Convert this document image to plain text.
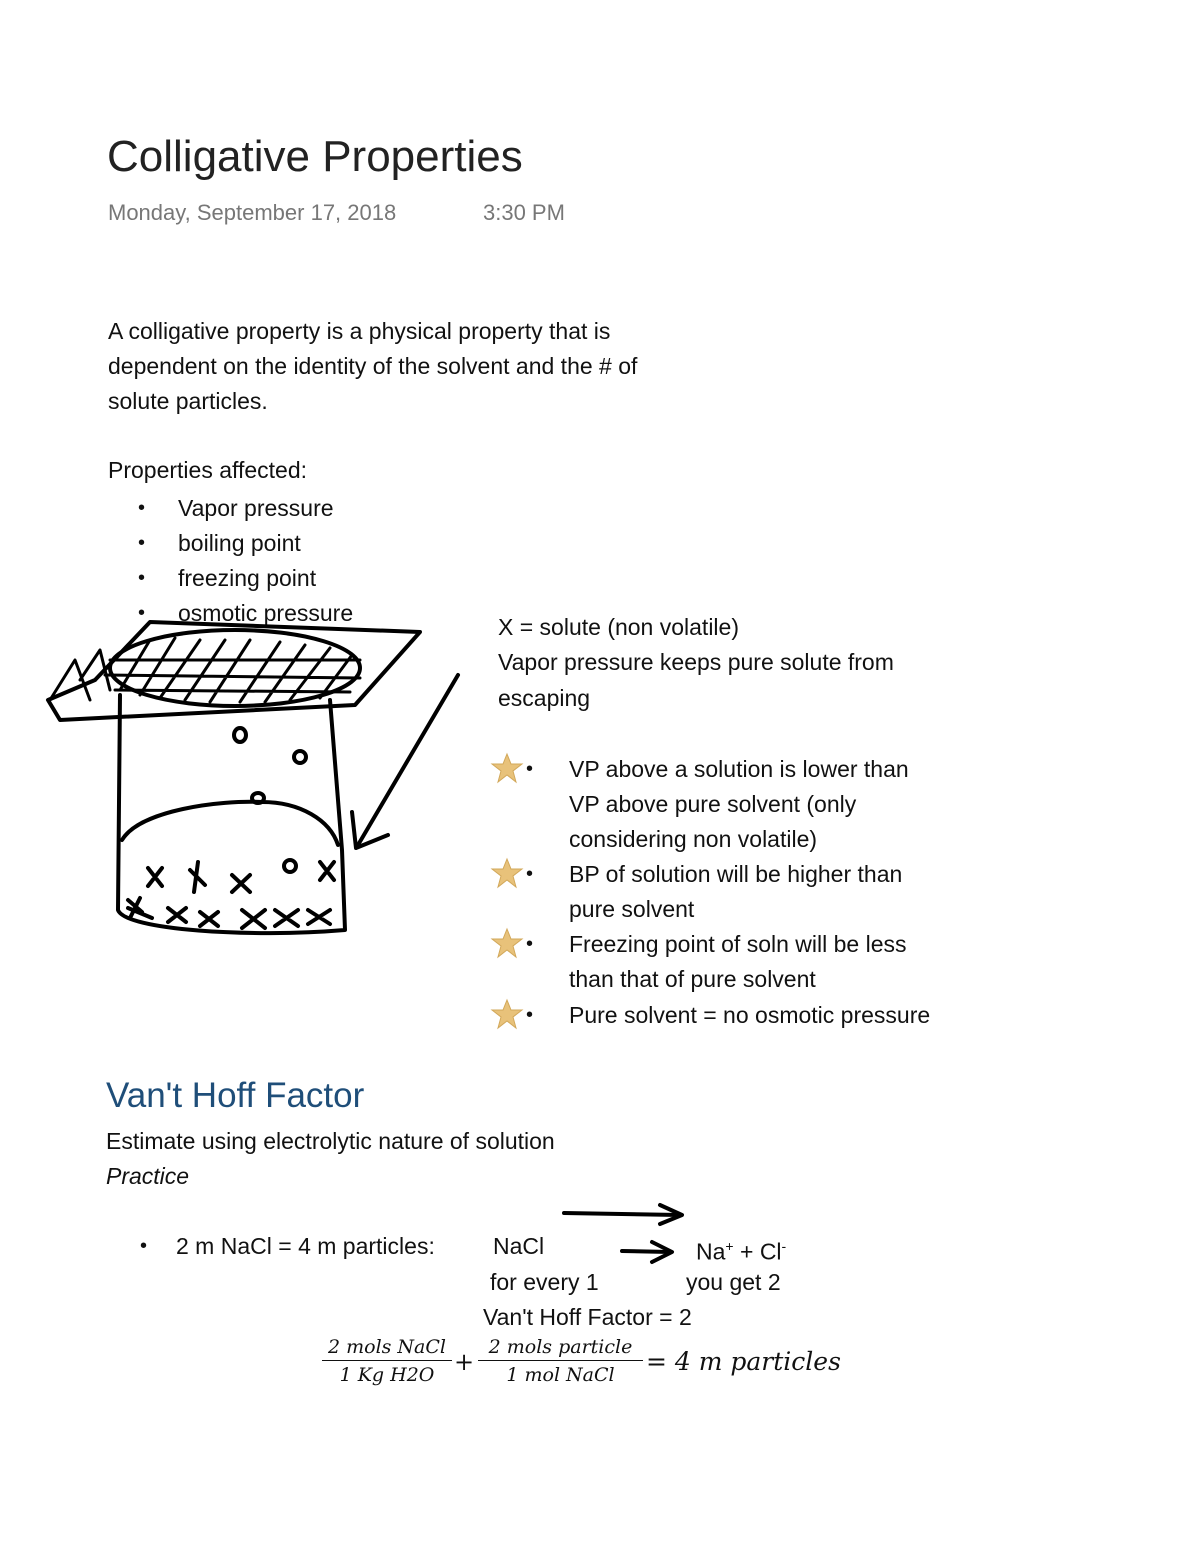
Colligative Properties
Monday, September 17, 2018	3:30 PM
A colligative property is a physical property that is
dependent on the identity of the solvent and the # of
solute particles.
Properties affected:
• Vapor pressure
• boiling point
• freezing point
• osmotic pressure
X = solute (non volatile)
Vapor pressure keeps pure solute from
escaping
• VP above a solution is lower than
VP above pure solvent (only
considering non volatile)
• BP of solution will be higher than
pure solvent
• Freezing point of soln will be less
than that of pure solvent
• Pure solvent = no osmotic pressure
Van't Hoff Factor
Estimate using electrolytic nature of solution
Practice
• 2 m NaCl = 4 m particles:	NaCl	Na+ + Cl-
for every 1	you get 2
Van't Hoff Factor = 2
2 mols NaCl
1 Kg H2O +
2 mols particle
1 mol NaCl	= 4 m particles
